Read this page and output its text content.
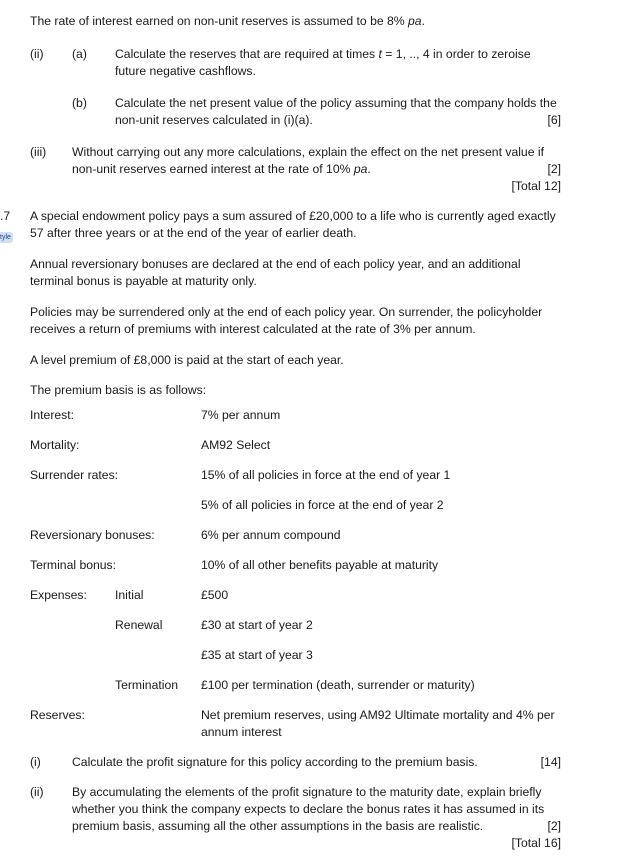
The rate of interest earned on non-unit reserves is assumed to be 8% pa.
(ii) (a) Calculate the reserves that are required at times t = 1, .., 4 in order to zeroise future negative cashflows.
(b) Calculate the net present value of the policy assuming that the company holds the non-unit reserves calculated in (i)(a).	[6]
(iii) Without carrying out any more calculations, explain the effect on the net present value if non-unit reserves earned interest at the rate of 10% pa.	[2]
[Total 12]
.7
tyle
A special endowment policy pays a sum assured of £20,000 to a life who is currently aged exactly 57 after three years or at the end of the year of earlier death.
Annual reversionary bonuses are declared at the end of each policy year, and an additional terminal bonus is payable at maturity only.
Policies may be surrendered only at the end of each policy year. On surrender, the policyholder receives a return of premiums with interest calculated at the rate of 3% per annum.
A level premium of £8,000 is paid at the start of each year.
The premium basis is as follows:
Interest:	7% per annum
Mortality:	AM92 Select
Surrender rates:	15% of all policies in force at the end of year 1
5% of all policies in force at the end of year 2
Reversionary bonuses:	6% per annum compound
Terminal bonus:	10% of all other benefits payable at maturity
Expenses: Initial	£500
Renewal	£30 at start of year 2
£35 at start of year 3
Termination £100 per termination (death, surrender or maturity)
Reserves:	Net premium reserves, using AM92 Ultimate mortality and 4% per annum interest
(i)	Calculate the profit signature for this policy according to the premium basis.	[14]
(ii) By accumulating the elements of the profit signature to the maturity date, explain briefly whether you think the company expects to declare the bonus rates it has assumed in its premium basis, assuming all the other assumptions in the basis are realistic.	[2]
[Total 16]
